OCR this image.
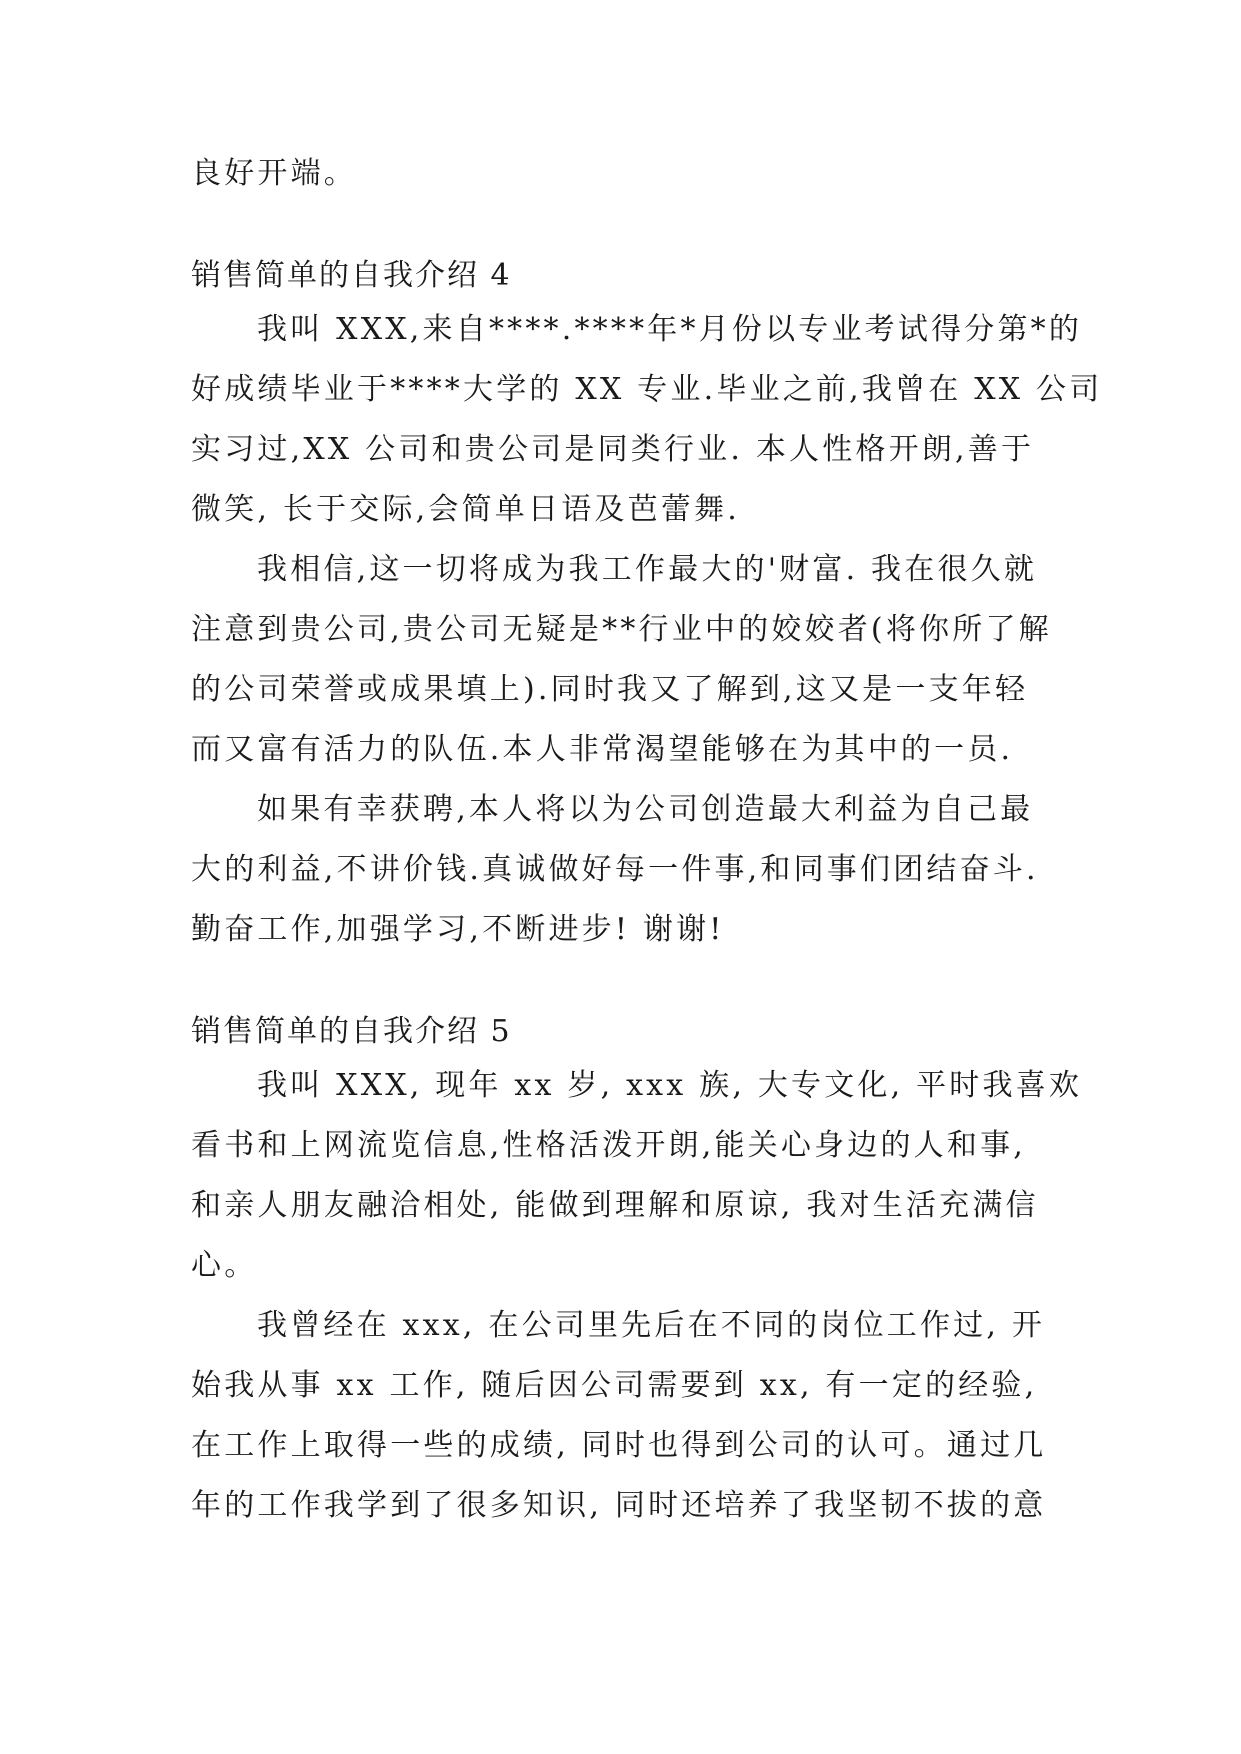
良好开端。
销售简单的自我介绍 4
我叫 XXX,来自****.****年*月份以专业考试得分第*的
好成绩毕业于****大学的 XX 专业.毕业之前,我曾在 XX 公司
实习过,XX 公司和贵公司是同类行业. 本人性格开朗,善于
微笑, 长于交际,会简单日语及芭蕾舞.
我相信,这一切将成为我工作最大的'财富. 我在很久就
注意到贵公司,贵公司无疑是**行业中的姣姣者(将你所了解
的公司荣誉或成果填上).同时我又了解到,这又是一支年轻
而又富有活力的队伍.本人非常渴望能够在为其中的一员.
如果有幸获聘,本人将以为公司创造最大利益为自己最
大的利益,不讲价钱.真诚做好每一件事,和同事们团结奋斗.
勤奋工作,加强学习,不断进步! 谢谢!
销售简单的自我介绍 5
我叫 XXX, 现年 xx 岁, xxx 族, 大专文化, 平时我喜欢
看书和上网流览信息,性格活泼开朗,能关心身边的人和事,
和亲人朋友融洽相处, 能做到理解和原谅, 我对生活充满信
心。
我曾经在 xxx, 在公司里先后在不同的岗位工作过, 开
始我从事 xx 工作, 随后因公司需要到 xx, 有一定的经验,
在工作上取得一些的成绩, 同时也得到公司的认可。通过几
年的工作我学到了很多知识, 同时还培养了我坚韧不拔的意
